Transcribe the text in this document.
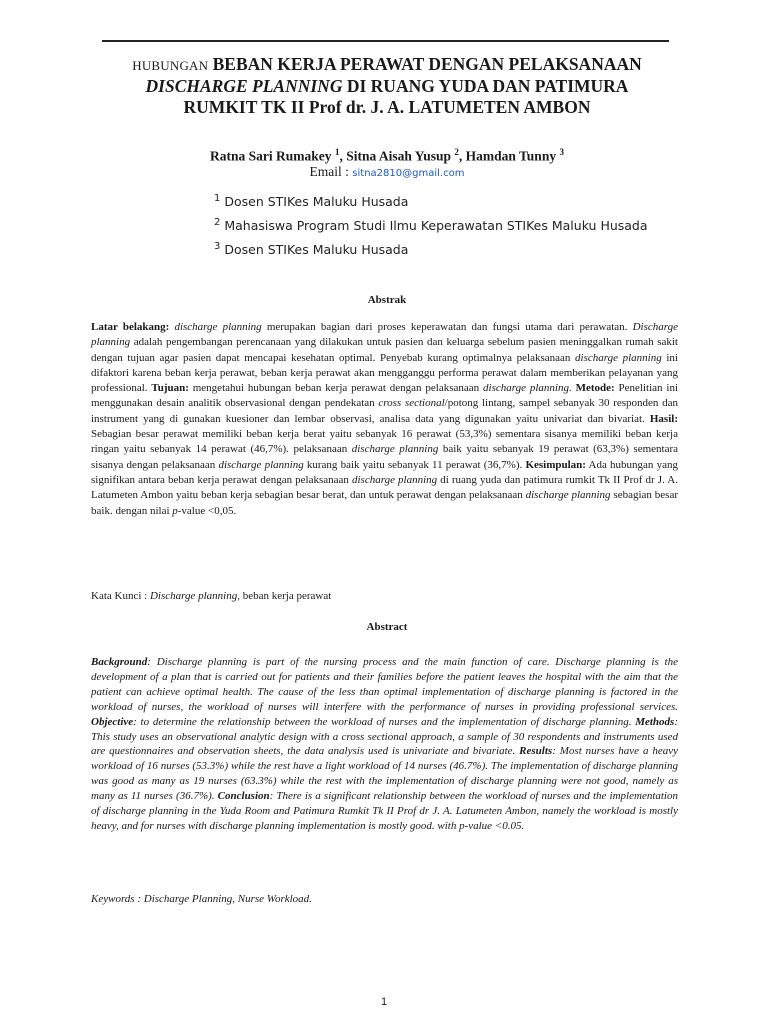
HUBUNGAN BEBAN KERJA PERAWAT DENGAN PELAKSANAAN
DISCHARGE PLANNING DI RUANG YUDA DAN PATIMURA
RUMKIT TK II Prof dr. J. A. LATUMETEN AMBON
Ratna Sari Rumakey $^1$, Sitna Aisah Yusup $^2$, Hamdan Tunny $^3$
Email : sitna2810@gmail.com
$^1$ Dosen STIKes Maluku Husada
$^2$ Mahasiswa Program Studi Ilmu Keperawatan STIKes Maluku Husada
$^3$ Dosen STIKes Maluku Husada
Abstrak
Latar belakang: discharge planning merupakan bagian dari proses keperawatan dan fungsi utama dari perawatan. Discharge planning adalah pengembangan perencanaan yang dilakukan untuk pasien dan keluarga sebelum pasien meninggalkan rumah sakit dengan tujuan agar pasien dapat mencapai kesehatan optimal. Penyebab kurang optimalnya pelaksanaan discharge planning ini difaktori karena beban kerja perawat, beban kerja perawat akan mengganggu performa perawat dalam memberikan pelayanan yang professional. Tujuan: mengetahui hubungan beban kerja perawat dengan pelaksanaan discharge planning. Metode: Penelitian ini menggunakan desain analitik observasional dengan pendekatan cross sectional/potong lintang, sampel sebanyak 30 responden dan instrument yang di gunakan kuesioner dan lembar observasi, analisa data yang digunakan yaitu univariat dan bivariat. Hasil: Sebagian besar perawat memiliki beban kerja berat yaitu sebanyak 16 perawat (53,3%) sementara sisanya memiliki beban kerja ringan yaitu sebanyak 14 perawat (46,7%). pelaksanaan discharge planning baik yaitu sebanyak 19 perawat (63,3%) sementara sisanya dengan pelaksanaan discharge planning kurang baik yaitu sebanyak 11 perawat (36,7%). Kesimpulan: Ada hubungan yang signifikan antara beban kerja perawat dengan pelaksanaan discharge planning di ruang yuda dan patimura rumkit Tk II Prof dr J. A. Latumeten Ambon yaitu beban kerja sebagian besar berat, dan untuk perawat dengan pelaksanaan discharge planning sebagian besar baik. dengan nilai p-value <0,05.
Kata Kunci : Discharge planning, beban kerja perawat
Abstract
Background: Discharge planning is part of the nursing process and the main function of care. Discharge planning is the development of a plan that is carried out for patients and their families before the patient leaves the hospital with the aim that the patient can achieve optimal health. The cause of the less than optimal implementation of discharge planning is factored in the workload of nurses, the workload of nurses will interfere with the performance of nurses in providing professional services. Objective: to determine the relationship between the workload of nurses and the implementation of discharge planning. Methods: This study uses an observational analytic design with a cross sectional approach, a sample of 30 respondents and instruments used are questionnaires and observation sheets, the data analysis used is univariate and bivariate. Results: Most nurses have a heavy workload of 16 nurses (53.3%) while the rest have a light workload of 14 nurses (46.7%). The implementation of discharge planning was good as many as 19 nurses (63.3%) while the rest with the implementation of discharge planning were not good, namely as many as 11 nurses (36.7%). Conclusion: There is a significant relationship between the workload of nurses and the implementation of discharge planning in the Yuda Room and Patimura Rumkit Tk II Prof dr J. A. Latumeten Ambon, namely the workload is mostly heavy, and for nurses with discharge planning implementation is mostly good. with p-value <0.05.
Keywords : Discharge Planning, Nurse Workload.
1
